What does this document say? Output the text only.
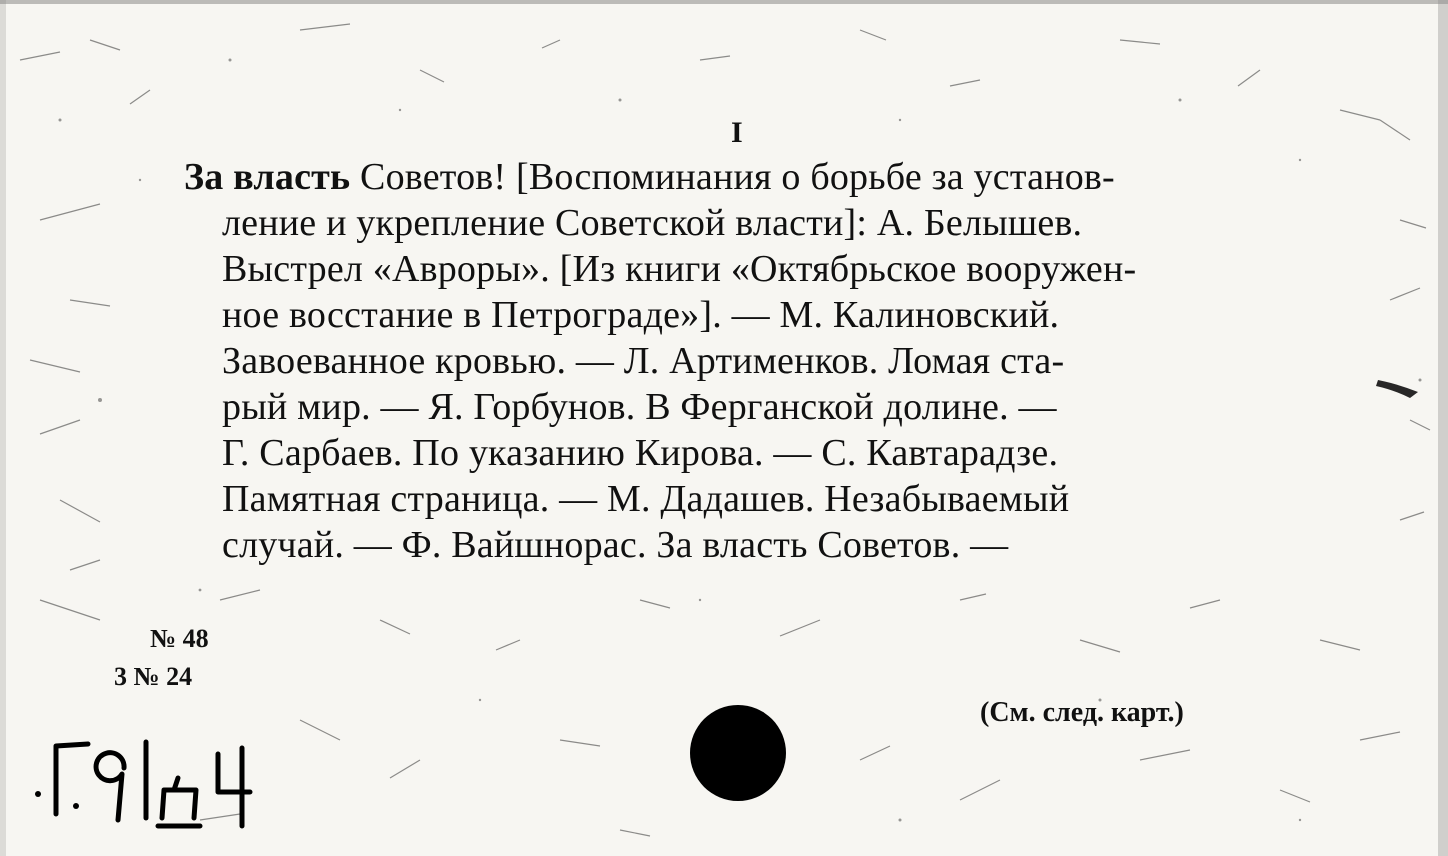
I
За власть Советов! [Воспоминания о борьбе за установ-
ление и укрепление Советской власти]: А. Белышев.
Выстрел «Авроры». [Из книги «Октябрьское вооружен-
ное восстание в Петрограде»]. — М. Калиновский.
Завоеванное кровью. — Л. Артименков. Ломая ста-
рый мир. — Я. Горбунов. В Ферганской долине. —
Г. Сарбаев. По указанию Кирова. — С. Кавтарадзе.
Памятная страница. — М. Дадашев. Незабываемый
случай. — Ф. Вайшнорас. За власть Советов. —
№ 48
3 № 24
(См. след. карт.)
